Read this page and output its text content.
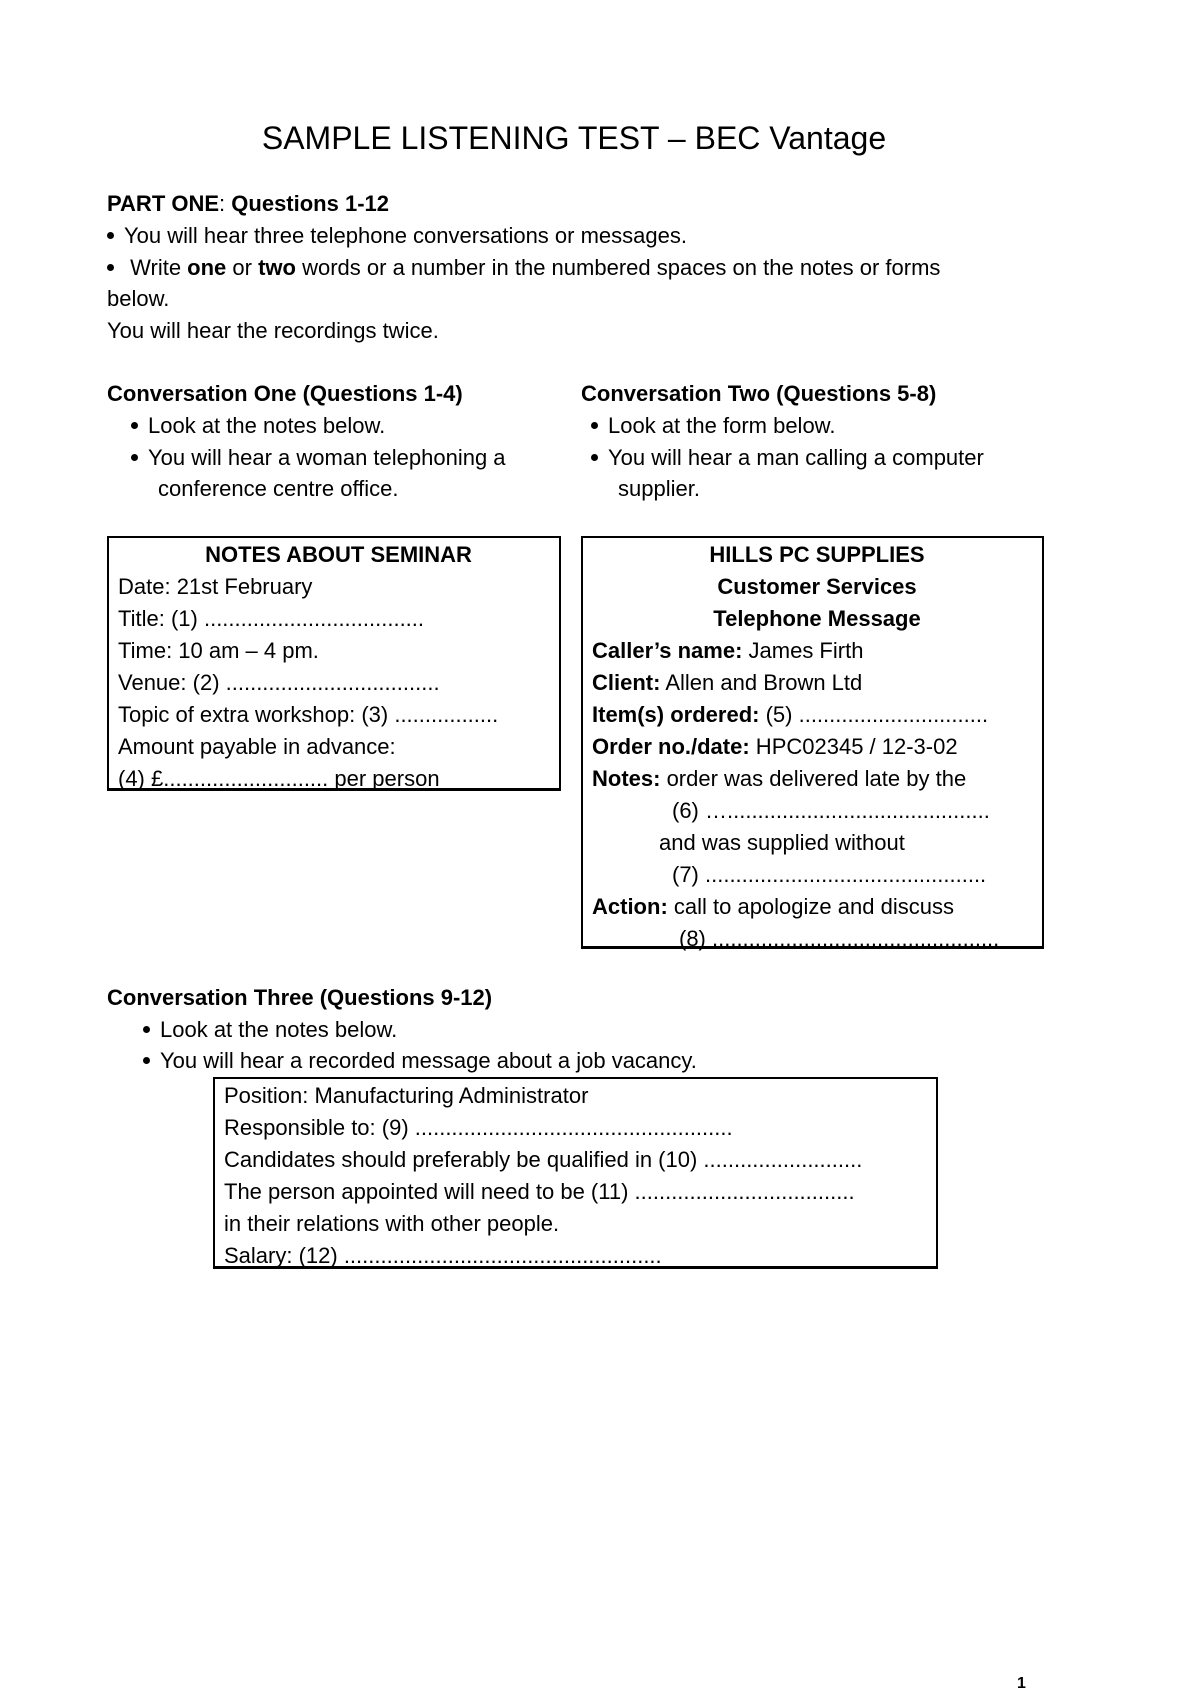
SAMPLE LISTENING TEST – BEC Vantage
PART ONE: Questions 1-12
You will hear three telephone conversations or messages.
Write one or two words or a number in the numbered spaces on the notes or forms
below.
You will hear the recordings twice.
Conversation One (Questions 1-4)
Look at the notes below.
You will hear a woman telephoning a
conference centre office.
Conversation Two (Questions 5-8)
Look at the form below.
You will hear a man calling a computer
supplier.
NOTES ABOUT SEMINAR
Date: 21st February
Title: (1) ....................................
Time: 10 am – 4 pm.
Venue: (2) ...................................
Topic of extra workshop: (3) .................
Amount payable in advance:
(4) £........................... per person
HILLS PC SUPPLIES
Customer Services
Telephone Message
Caller’s name: James Firth
Client: Allen and Brown Ltd
Item(s) ordered: (5) ...............................
Order no./date: HPC02345 / 12-3-02
Notes: order was delivered late by the
(6) …...........................................
and was supplied without
(7) ..............................................
Action: call to apologize and discuss
(8) ...............................................
Conversation Three (Questions 9-12)
Look at the notes below.
You will hear a recorded message about a job vacancy.
Position: Manufacturing Administrator
Responsible to: (9) ....................................................
Candidates should preferably be qualified in (10) ..........................
The person appointed will need to be (11) ....................................
in their relations with other people.
Salary: (12) ....................................................
1
